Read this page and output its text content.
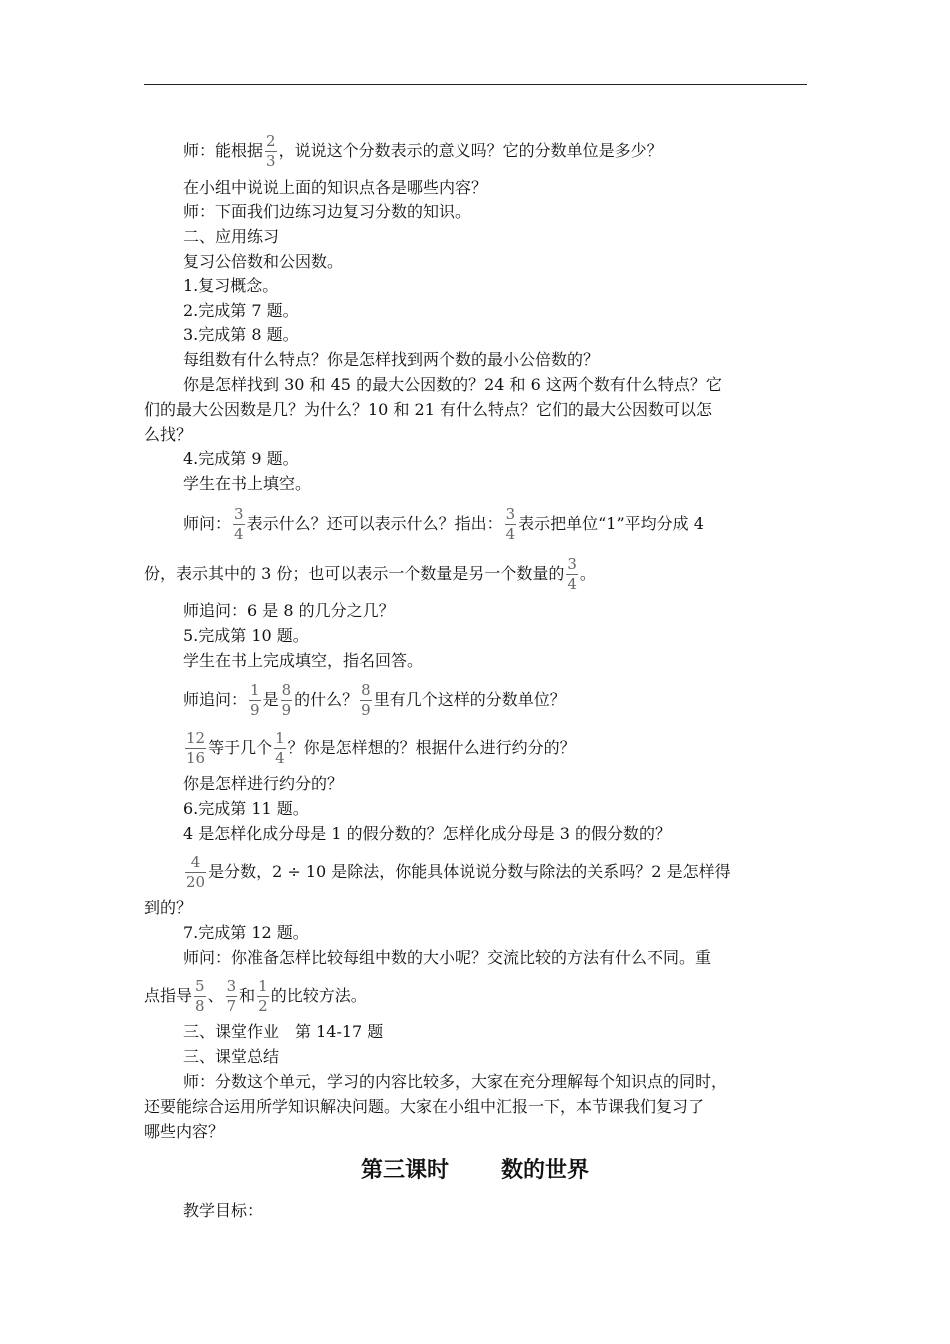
师：能根据 $\frac{2}{3}$ ，说说这个分数表示的意义吗？它的分数单位是多少？
在小组中说说上面的知识点各是哪些内容？
师：下面我们边练习边复习分数的知识。
二、应用练习
复习公倍数和公因数。
1.复习概念。
2.完成第 7 题。
3.完成第 8 题。
每组数有什么特点？你是怎样找到两个数的最小公倍数的？
你是怎样找到 30 和 45 的最大公因数的？24 和 6 这两个数有什么特点？它
们的最大公因数是几？为什么？10 和 21 有什么特点？它们的最大公因数可以怎
么找？
4.完成第 9 题。
学生在书上填空。
师问： $\frac{3}{4}$ 表示什么？还可以表示什么？指出： $\frac{3}{4}$ 表示把单位“1”平均分成 4
份，表示其中的 3 份；也可以表示一个数量是另一个数量的 $\frac{3}{4}$ 。
师追问：6 是 8 的几分之几？
5.完成第 10 题。
学生在书上完成填空，指名回答。
师追问： $\frac{1}{9}$ 是 $\frac{8}{9}$ 的什么？ $\frac{8}{9}$ 里有几个这样的分数单位？
$\frac{12}{16}$ 等于几个 $\frac{1}{4}$ ？你是怎样想的？根据什么进行约分的？
你是怎样进行约分的？
6.完成第 11 题。
4 是怎样化成分母是 1 的假分数的？怎样化成分母是 3 的假分数的？
$\frac{4}{20}$ 是分数，2 ÷ 10 是除法，你能具体说说分数与除法的关系吗？2 是怎样得
到的？
7.完成第 12 题。
师问：你准备怎样比较每组中数的大小呢？交流比较的方法有什么不同。重
点指导 $\frac{5}{8}$ 、 $\frac{3}{7}$ 和 $\frac{1}{2}$ 的比较方法。
三、课堂作业　第 14-17 题
三、课堂总结
师：分数这个单元，学习的内容比较多，大家在充分理解每个知识点的同时，
还要能综合运用所学知识解决问题。大家在小组中汇报一下，本节课我们复习了
哪些内容？
第三课时 数的世界
教学目标：
